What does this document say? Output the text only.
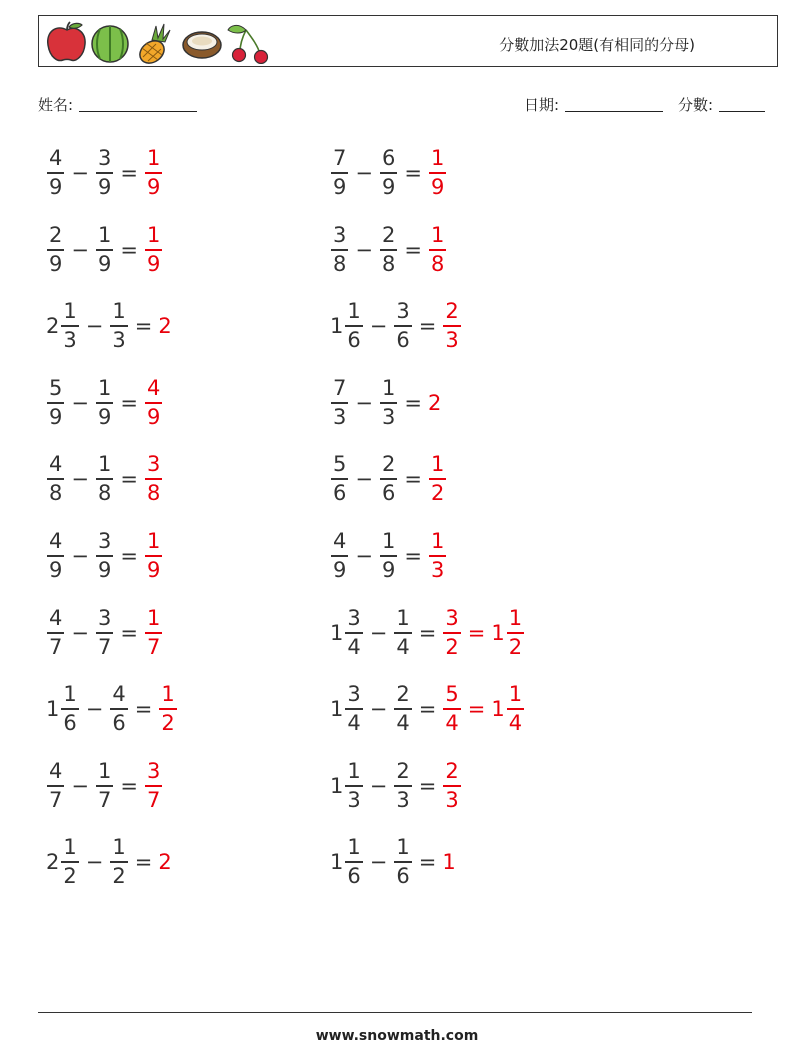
分數加法20題(有相同的分母)
姓名:	日期:	分數:
$\frac{4}{9} - \frac{3}{9} = \frac{1}{9}$
$\frac{2}{9} - \frac{1}{9} = \frac{1}{9}$
$2 \frac{1}{3} - \frac{1}{3} = 2$
$\frac{5}{9} - \frac{1}{9} = \frac{4}{9}$
$\frac{4}{8} - \frac{1}{8} = \frac{3}{8}$
$\frac{4}{9} - \frac{3}{9} = \frac{1}{9}$
$\frac{4}{7} - \frac{3}{7} = \frac{1}{7}$
$1 \frac{1}{6} - \frac{4}{6} = \frac{1}{2}$
$\frac{4}{7} - \frac{1}{7} = \frac{3}{7}$
$2 \frac{1}{2} - \frac{1}{2} = 2$
$\frac{7}{9} - \frac{6}{9} = \frac{1}{9}$
$\frac{3}{8} - \frac{2}{8} = \frac{1}{8}$
$1 \frac{1}{6} - \frac{3}{6} = \frac{2}{3}$
$\frac{7}{3} - \frac{1}{3} = 2$
$\frac{5}{6} - \frac{2}{6} = \frac{1}{2}$
$\frac{4}{9} - \frac{1}{9} = \frac{1}{3}$
$1 \frac{3}{4} - \frac{1}{4} = \frac{3}{2} = 1 \frac{1}{2}$
$1 \frac{3}{4} - \frac{2}{4} = \frac{5}{4} = 1 \frac{1}{4}$
$1 \frac{1}{3} - \frac{2}{3} = \frac{2}{3}$
$1 \frac{1}{6} - \frac{1}{6} = 1$
www.snowmath.com
